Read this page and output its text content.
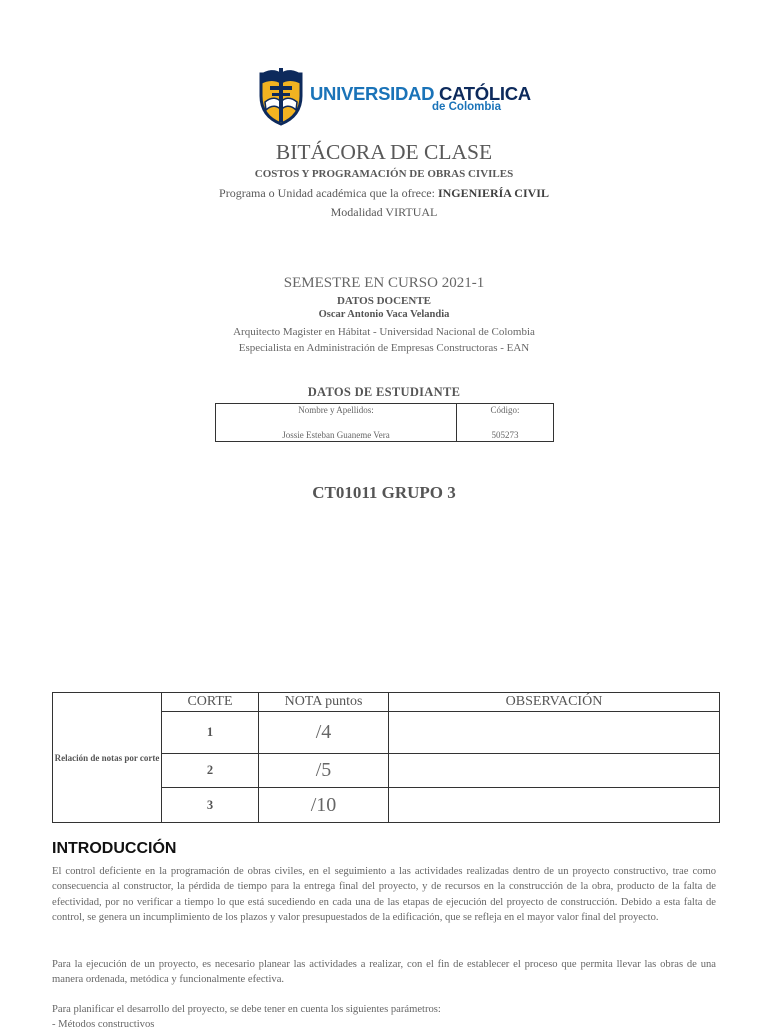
UNIVERSIDAD CATÓLICA
de Colombia
BITÁCORA DE CLASE
COSTOS Y PROGRAMACIÓN DE OBRAS CIVILES
Programa o Unidad académica que la ofrece: INGENIERÍA CIVIL
Modalidad VIRTUAL
SEMESTRE EN CURSO 2021-1
DATOS DOCENTE
Oscar Antonio Vaca Velandia
Arquitecto Magister en Hábitat - Universidad Nacional de Colombia
Especialista en Administración de Empresas Constructoras - EAN
DATOS DE ESTUDIANTE
Nombre y Apellidos:
Jossie Esteban Guaneme Vera
Código:
505273
CT01011 GRUPO 3
Relación de notas por corte	CORTE	NOTA puntos	OBSERVACIÓN
	1	/4	
	2	/5	
	3	/10	
INTRODUCCIÓN
El control deficiente en la programación de obras civiles, en el seguimiento a las actividades realizadas dentro de un proyecto constructivo, trae como consecuencia al constructor, la pérdida de tiempo para la entrega final del proyecto, y de recursos en la construcción de la obra, producto de la falta de efectividad, por no verificar a tiempo lo que está sucediendo en cada una de las etapas de ejecución del proyecto de construcción. Debido a esta falta de control, se genera un incumplimiento de los plazos y valor presupuestados de la edificación, que se refleja en el mayor valor final del proyecto.
Para la ejecución de un proyecto, es necesario planear las actividades a realizar, con el fin de establecer el proceso que permita llevar las obras de una manera ordenada, metódica y funcionalmente efectiva.
Para planificar el desarrollo del proyecto, se debe tener en cuenta los siguientes parámetros:
- Métodos constructivos
